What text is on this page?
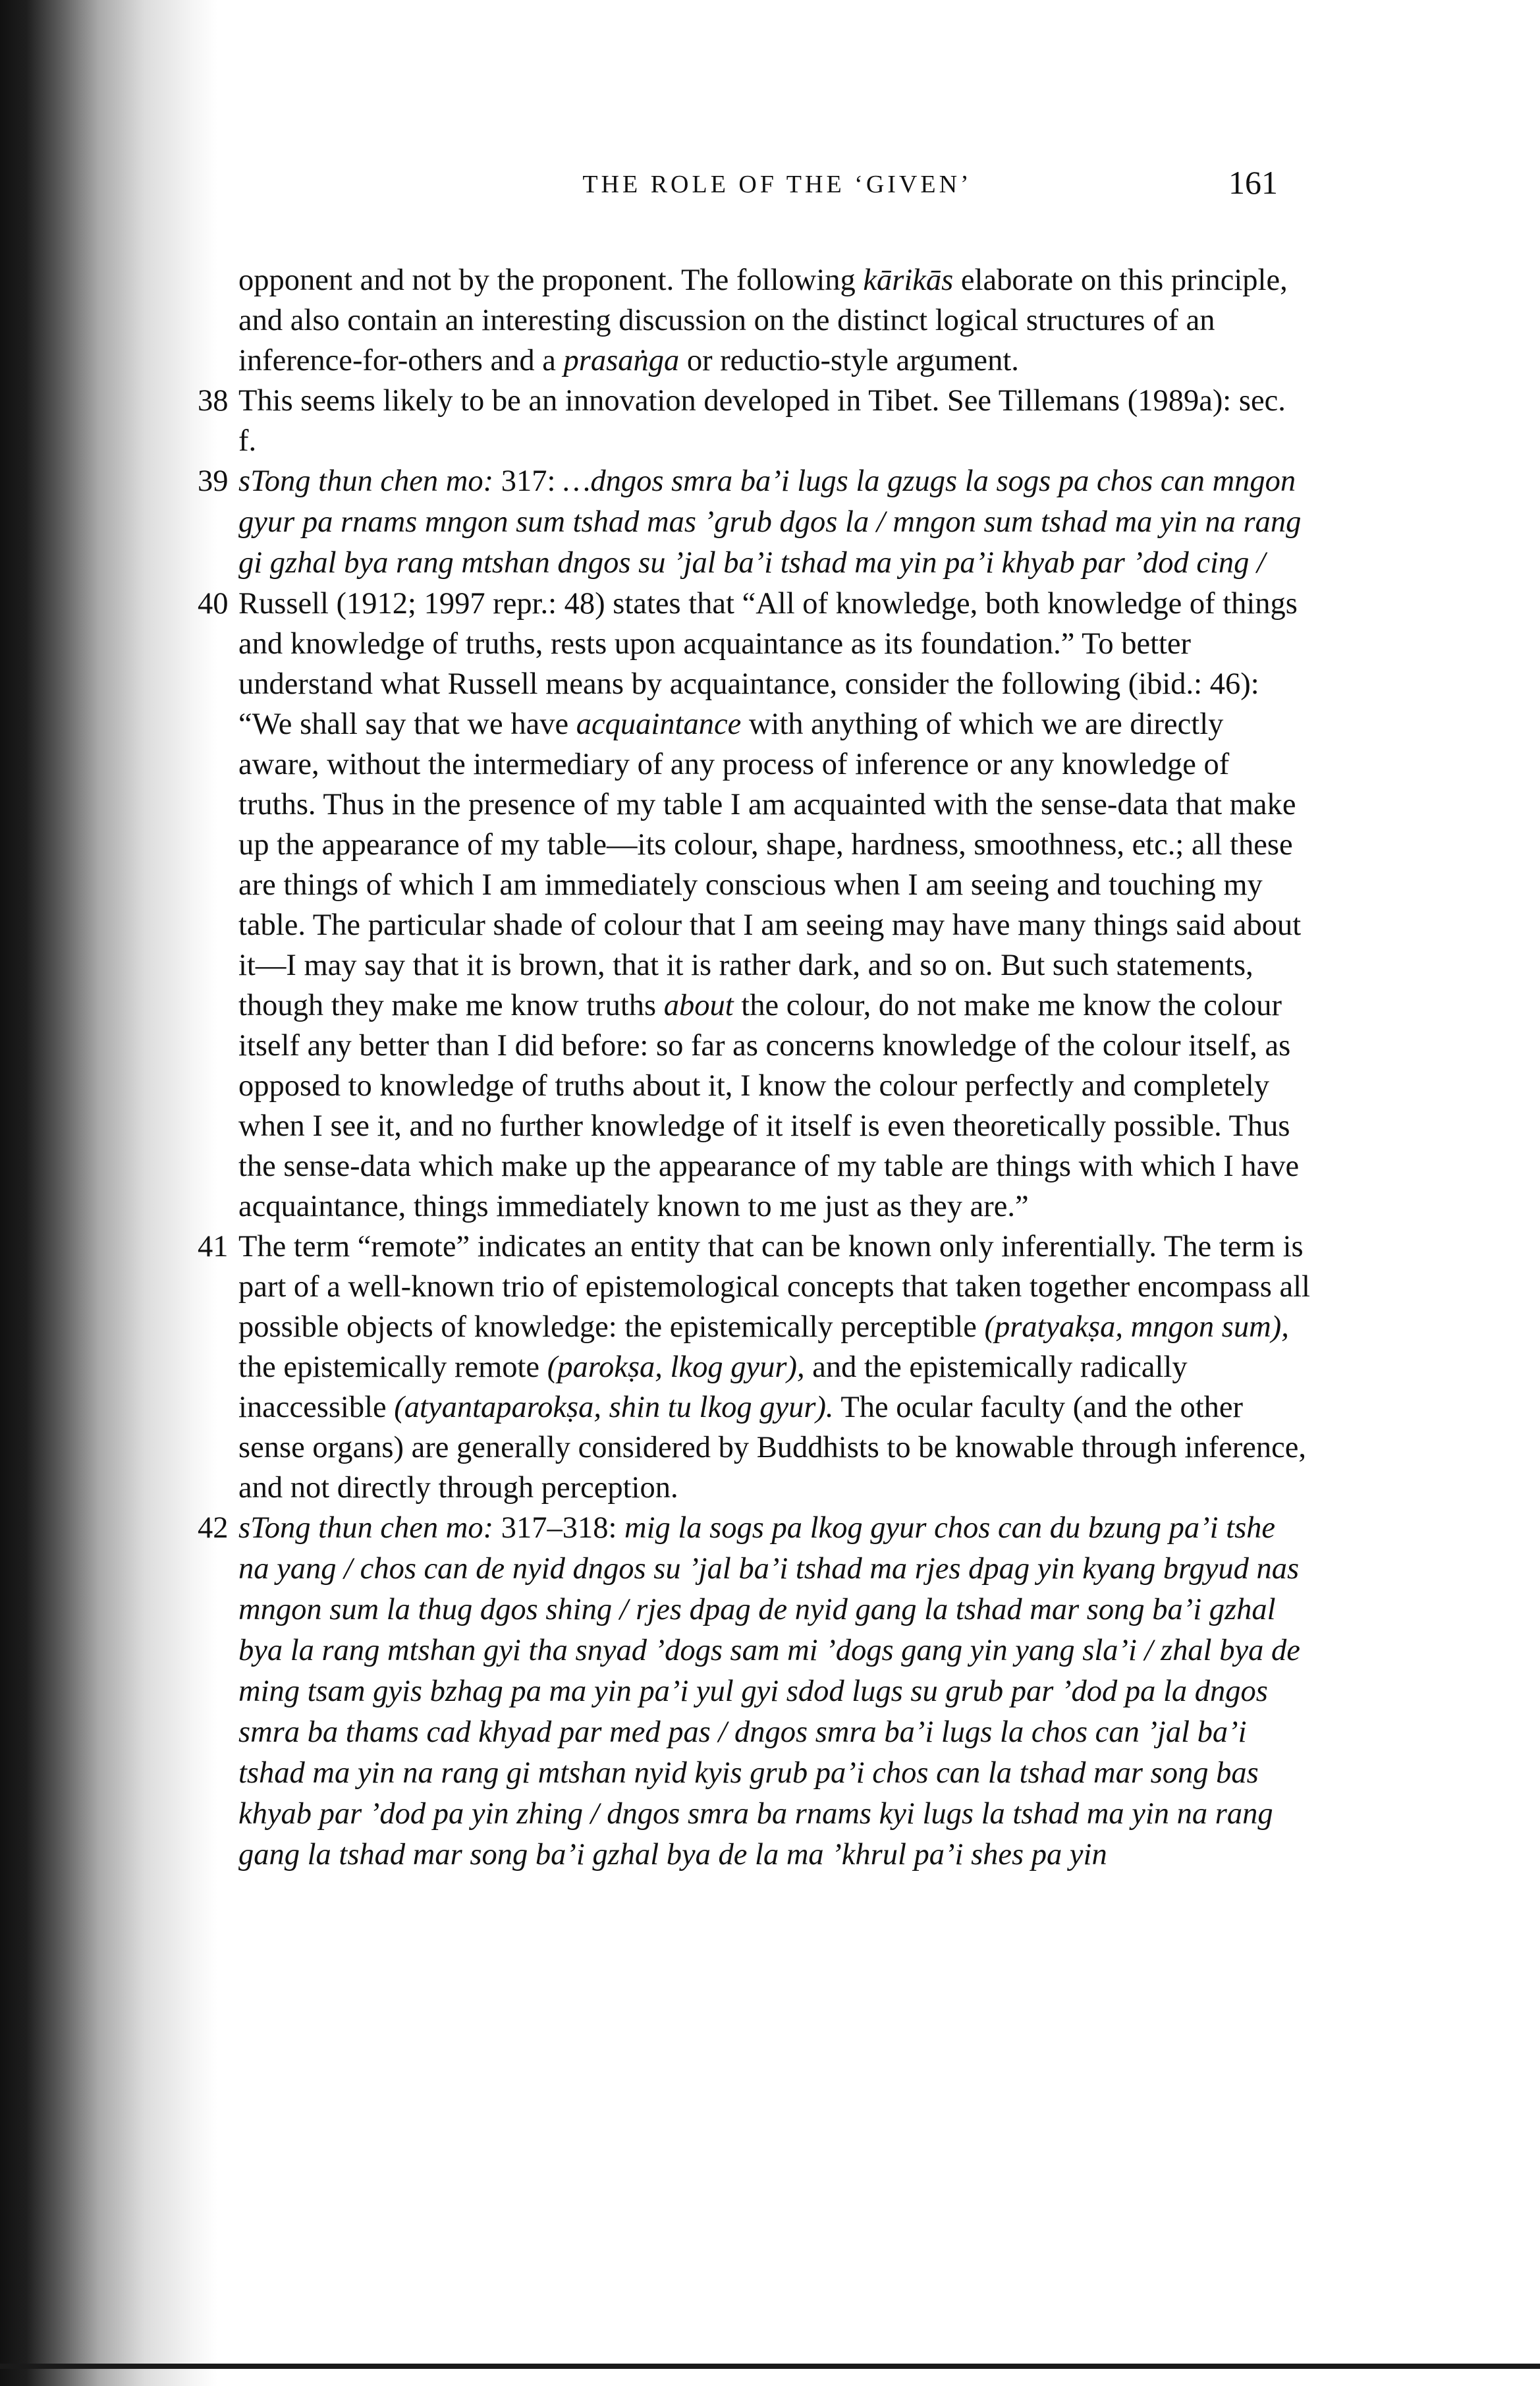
THE ROLE OF THE ‘GIVEN’	161

opponent and not by the proponent. The following kārikās elaborate on this principle, and also contain an interesting discussion on the distinct logical structures of an inference-for-others and a prasaṅga or reductio-style argument.

38 This seems likely to be an innovation developed in Tibet. See Tillemans (1989a): sec. f.

39 sTong thun chen mo: 317: …dngos smra ba’i lugs la gzugs la sogs pa chos can mngon gyur pa rnams mngon sum tshad mas ’grub dgos la / mngon sum tshad ma yin na rang gi gzhal bya rang mtshan dngos su ’jal ba’i tshad ma yin pa’i khyab par ’dod cing /

40 Russell (1912; 1997 repr.: 48) states that “All of knowledge, both knowledge of things and knowledge of truths, rests upon acquaintance as its foundation.” To better understand what Russell means by acquaintance, consider the following (ibid.: 46): “We shall say that we have acquaintance with anything of which we are directly aware, without the intermediary of any process of inference or any knowledge of truths. Thus in the presence of my table I am acquainted with the sense-data that make up the appearance of my table—its colour, shape, hardness, smoothness, etc.; all these are things of which I am immediately conscious when I am seeing and touching my table. The particular shade of colour that I am seeing may have many things said about it—I may say that it is brown, that it is rather dark, and so on. But such statements, though they make me know truths about the colour, do not make me know the colour itself any better than I did before: so far as concerns knowledge of the colour itself, as opposed to knowledge of truths about it, I know the colour perfectly and completely when I see it, and no further knowledge of it itself is even theoretically possible. Thus the sense-data which make up the appearance of my table are things with which I have acquaintance, things immediately known to me just as they are.”

41 The term “remote” indicates an entity that can be known only inferentially. The term is part of a well-known trio of epistemological concepts that taken together encompass all possible objects of knowledge: the epistemically perceptible (pratyakṣa, mngon sum), the epistemically remote (parokṣa, lkog gyur), and the epistemically radically inaccessible (atyantaparokṣa, shin tu lkog gyur). The ocular faculty (and the other sense organs) are generally considered by Buddhists to be knowable through inference, and not directly through perception.

42 sTong thun chen mo: 317–318: mig la sogs pa lkog gyur chos can du bzung pa’i tshe na yang / chos can de nyid dngos su ’jal ba’i tshad ma rjes dpag yin kyang brgyud nas mngon sum la thug dgos shing / rjes dpag de nyid gang la tshad mar song ba’i gzhal bya la rang mtshan gyi tha snyad ’dogs sam mi ’dogs gang yin yang sla’i / zhal bya de ming tsam gyis bzhag pa ma yin pa’i yul gyi sdod lugs su grub par ’dod pa la dngos smra ba thams cad khyad par med pas / dngos smra ba’i lugs la chos can ’jal ba’i tshad ma yin na rang gi mtshan nyid kyis grub pa’i chos can la tshad mar song bas khyab par ’dod pa yin zhing / dngos smra ba rnams kyi lugs la tshad ma yin na rang gang la tshad mar song ba’i gzhal bya de la ma ’khrul pa’i shes pa yin
